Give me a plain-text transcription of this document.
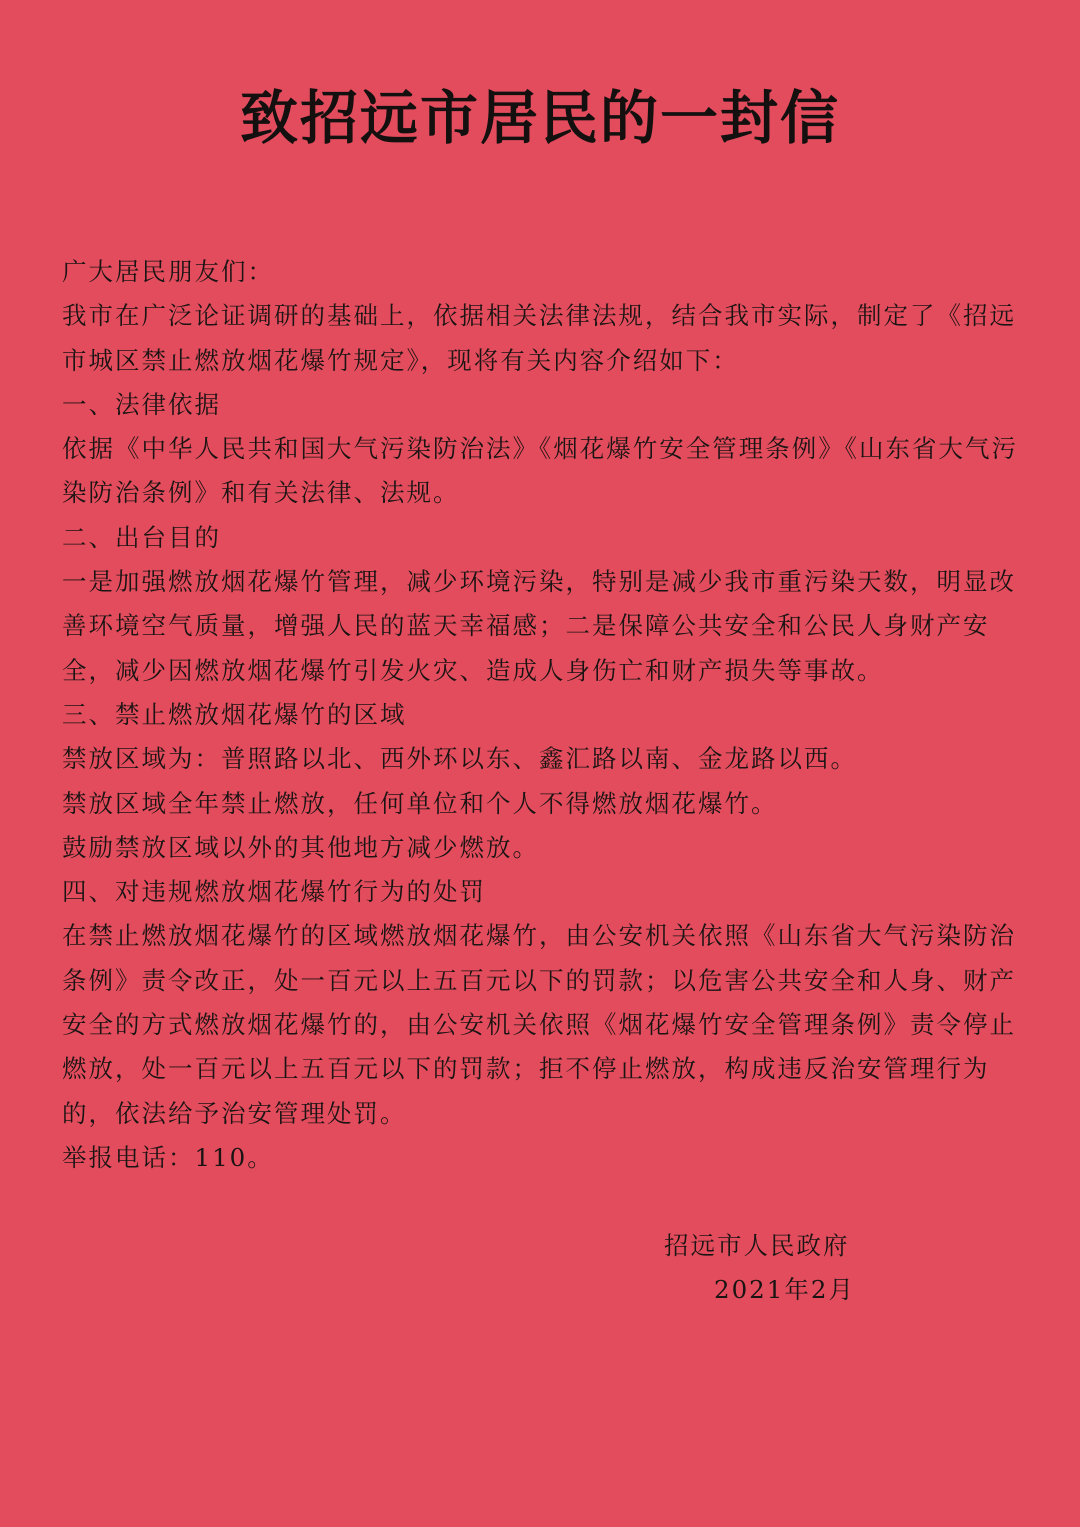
致招远市居民的一封信

广大居民朋友们：

我市在广泛论证调研的基础上，依据相关法律法规，结合我市实际，制定了《招远市城区禁止燃放烟花爆竹规定》，现将有关内容介绍如下：

一、法律依据

依据《中华人民共和国大气污染防治法》《烟花爆竹安全管理条例》《山东省大气污染防治条例》和有关法律、法规。

二、出台目的

一是加强燃放烟花爆竹管理，减少环境污染，特别是减少我市重污染天数，明显改善环境空气质量，增强人民的蓝天幸福感；二是保障公共安全和公民人身财产安全，减少因燃放烟花爆竹引发火灾、造成人身伤亡和财产损失等事故。

三、禁止燃放烟花爆竹的区域

禁放区域为：普照路以北、西外环以东、鑫汇路以南、金龙路以西。

禁放区域全年禁止燃放，任何单位和个人不得燃放烟花爆竹。

鼓励禁放区域以外的其他地方减少燃放。

四、对违规燃放烟花爆竹行为的处罚

在禁止燃放烟花爆竹的区域燃放烟花爆竹，由公安机关依照《山东省大气污染防治条例》责令改正，处一百元以上五百元以下的罚款；以危害公共安全和人身、财产安全的方式燃放烟花爆竹的，由公安机关依照《烟花爆竹安全管理条例》责令停止燃放，处一百元以上五百元以下的罚款；拒不停止燃放，构成违反治安管理行为的，依法给予治安管理处罚。

举报电话：110。

招远市人民政府

2021年2月
